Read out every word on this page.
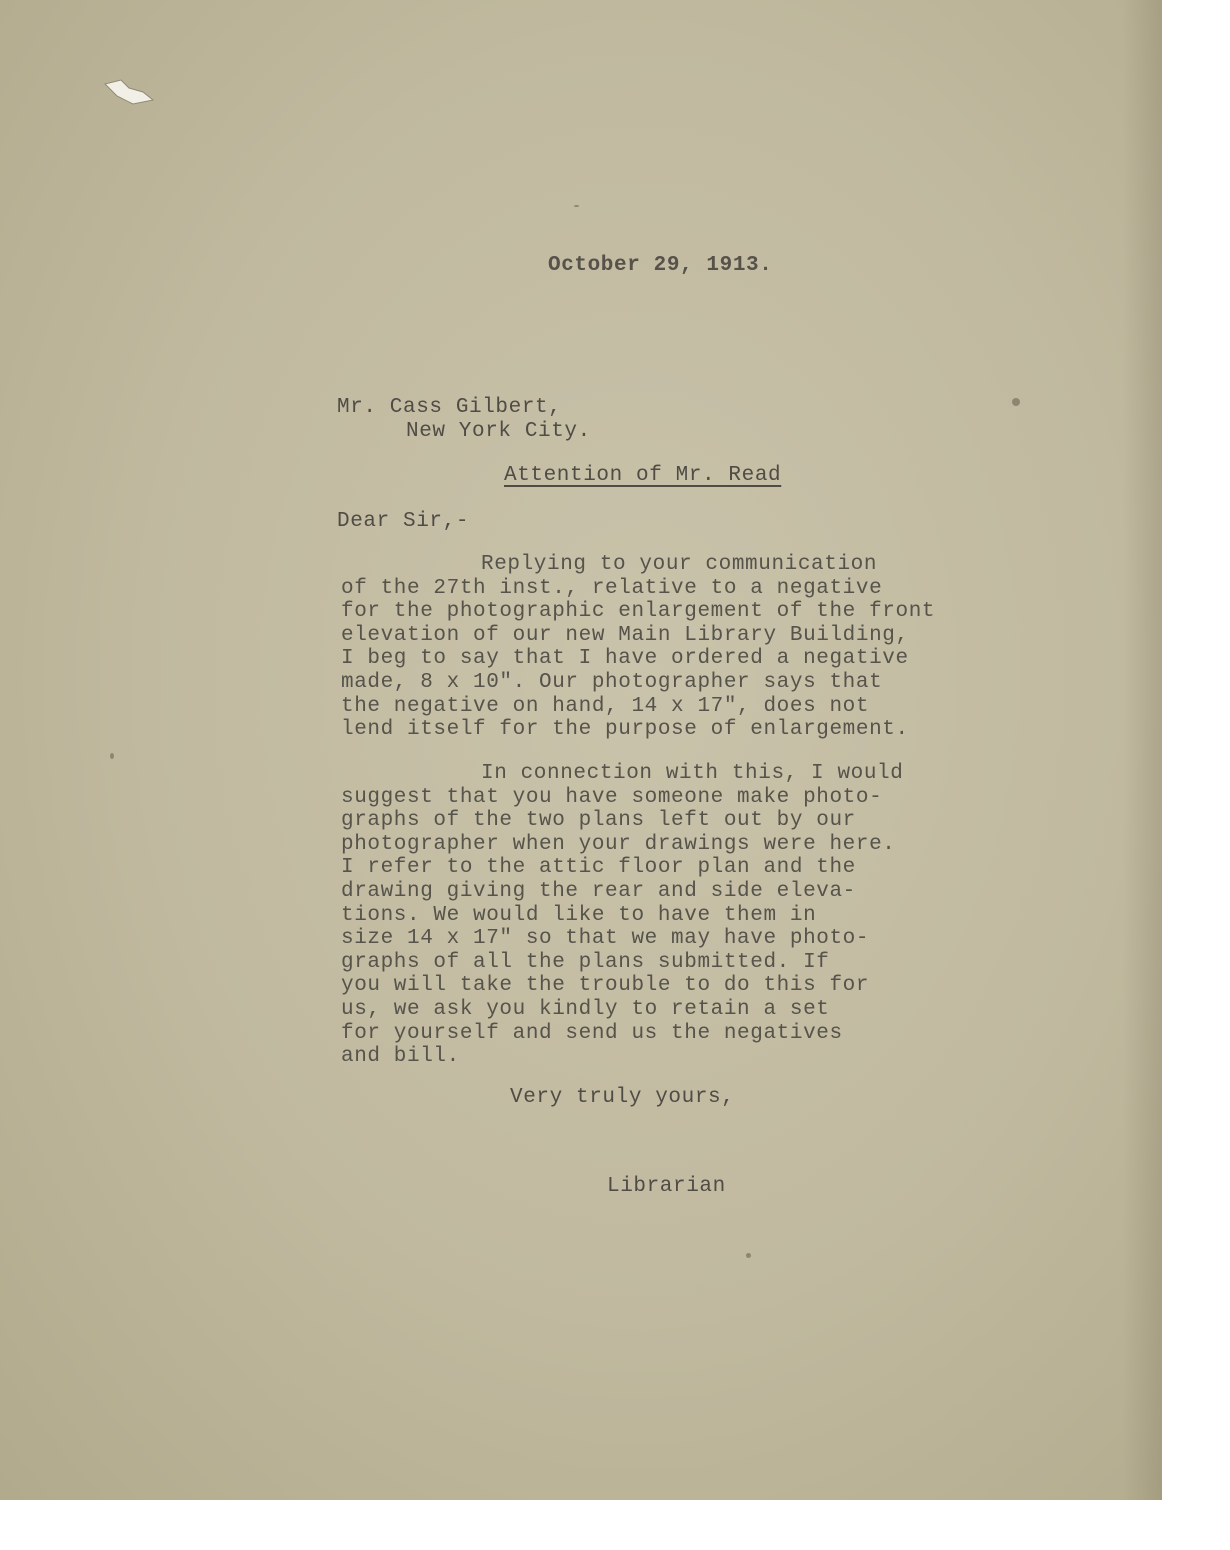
October 29, 1913.

Mr. Cass Gilbert,

New York City.

Attention of Mr. Read

Dear Sir,-

Replying to your communication
of the 27th inst., relative to a negative
for the photographic enlargement of the front
elevation of our new Main Library Building,
I beg to say that I have ordered a negative
made, 8 x 10". Our photographer says that
the negative on hand, 14 x 17", does not
lend itself for the purpose of enlargement.
In connection with this, I would
suggest that you have someone make photo-
graphs of the two plans left out by our
photographer when your drawings were here.
I refer to the attic floor plan and the
drawing giving the rear and side eleva-
tions. We would like to have them in
size 14 x 17" so that we may have photo-
graphs of all the plans submitted. If
you will take the trouble to do this for
us, we ask you kindly to retain a set
for yourself and send us the negatives
and bill.

Very truly yours,

Librarian
